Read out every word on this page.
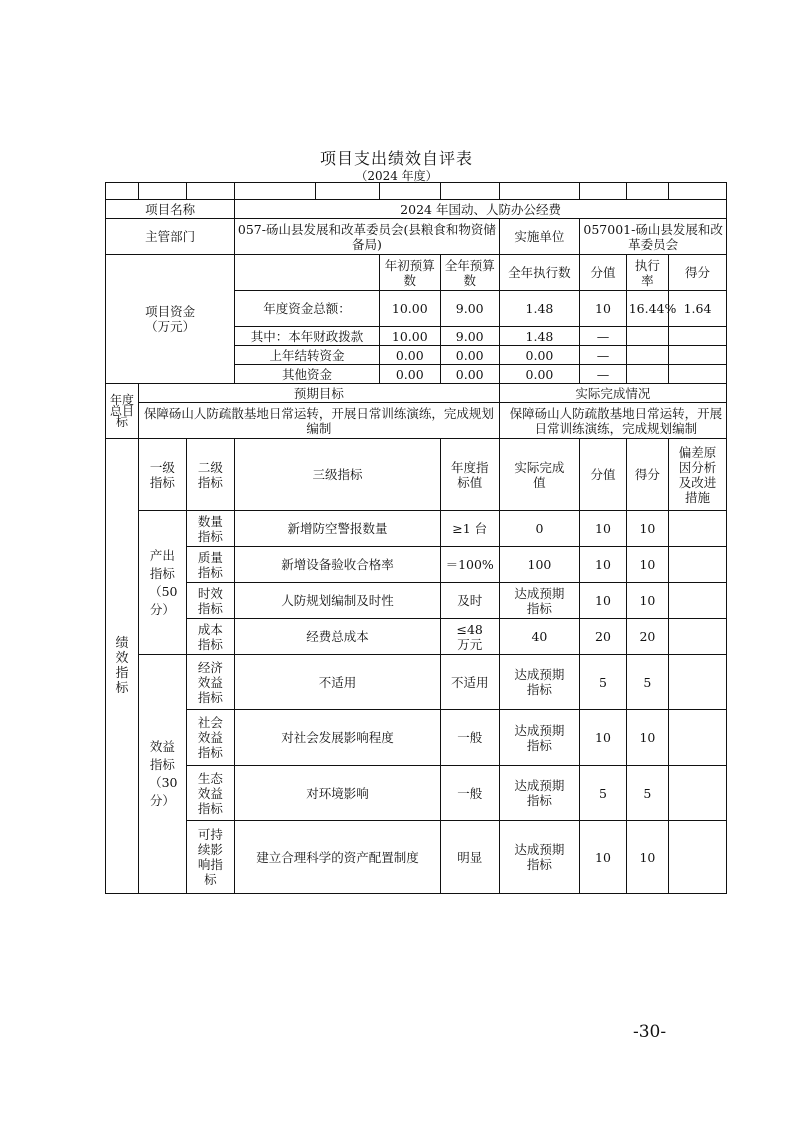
项目支出绩效自评表
（2024 年度）

项目名称			2024 年国动、人防办公经费							
主管部门			057-砀山县发展和改革委员会(县粮食和物资储备局)				实施单位	057001-砀山县发展和改革委员会		
项目资金
（万元）					年初预算数	全年预算数	全年执行数	分值	执行率	得分
			年度资金总额：		10.00	9.00	1.48	10	16.44%	1.64
			其中：本年财政拨款		10.00	9.00	1.48	—		
			上年结转资金		0.00	0.00	0.00	—		
			其他资金		0.00	0.00	0.00	—		
年度总目标	预期目标						实际完成情况			
	保障砀山人防疏散基地日常运转，开展日常训练演练，完成规划编制						保障砀山人防疏散基地日常运转，开展日常训练演练，完成规划编制			
绩效指标	一级指标	二级指标	三级指标			年度指标值	实际完成值	分值	得分	偏差原因分析及改进措施
	产出指标（50分）	数量指标	新增防空警报数量			≥1 台	0	10	10	
		质量指标	新增设备验收合格率			＝100%	100	10	10	
		时效指标	人防规划编制及时性			及时	达成预期指标	10	10	
		成本指标	经费总成本			≤48 万元	40	20	20	
	效益指标（30分）	经济效益指标	不适用			不适用	达成预期指标	5	5	
		社会效益指标	对社会发展影响程度			一般	达成预期指标	10	10	
		生态效益指标	对环境影响			一般	达成预期指标	5	5	
		可持续影响指标	建立合理科学的资产配置制度			明显	达成预期指标	10	10	
-30-
